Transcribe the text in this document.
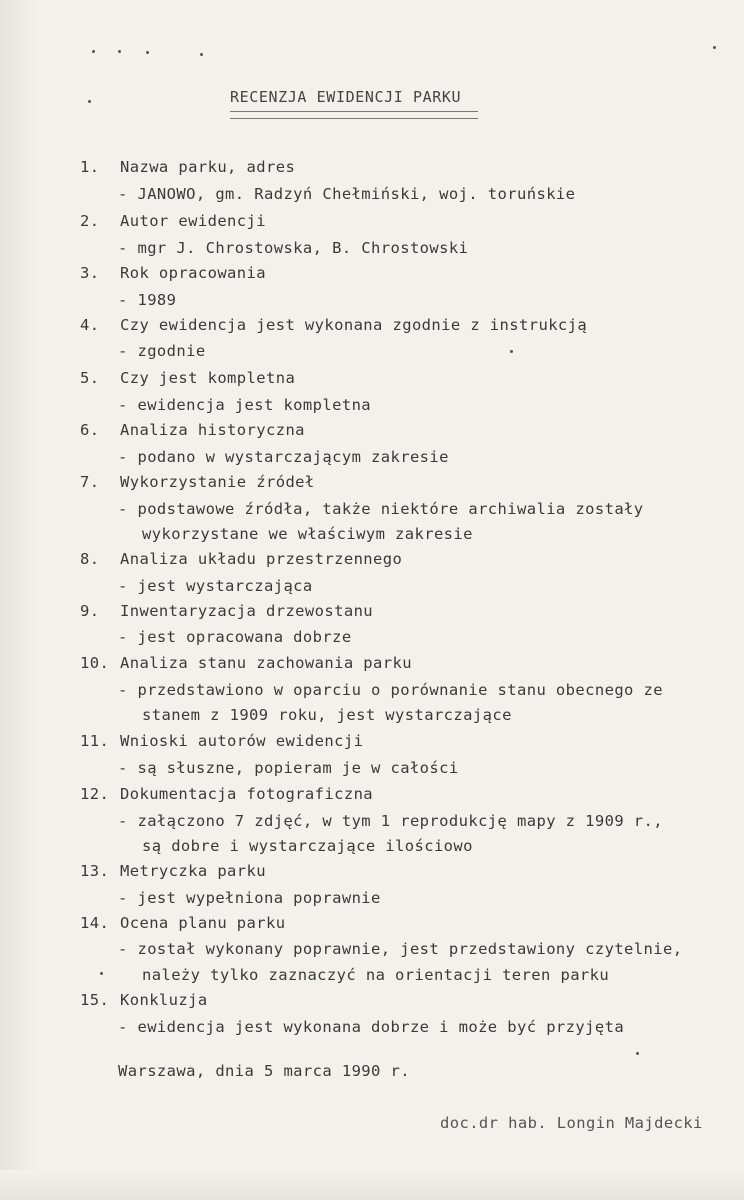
RECENZJA EWIDENCJI PARKU
1. Nazwa parku, adres
- JANOWO, gm. Radzyń Chełmiński, woj. toruńskie
2. Autor ewidencji
- mgr J. Chrostowska, B. Chrostowski
3. Rok opracowania
- 1989
4. Czy ewidencja jest wykonana zgodnie z instrukcją
- zgodnie
5. Czy jest kompletna
- ewidencja jest kompletna
6. Analiza historyczna
- podano w wystarczającym zakresie
7. Wykorzystanie źródeł
- podstawowe źródła, także niektóre archiwalia zostały
wykorzystane we właściwym zakresie
8. Analiza układu przestrzennego
- jest wystarczająca
9. Inwentaryzacja drzewostanu
- jest opracowana dobrze
10. Analiza stanu zachowania parku
- przedstawiono w oparciu o porównanie stanu obecnego ze
stanem z 1909 roku, jest wystarczające
11. Wnioski autorów ewidencji
- są słuszne, popieram je w całości
12. Dokumentacja fotograficzna
- załączono 7 zdjęć, w tym 1 reprodukcję mapy z 1909 r.,
są dobre i wystarczające ilościowo
13. Metryczka parku
- jest wypełniona poprawnie
14. Ocena planu parku
- został wykonany poprawnie, jest przedstawiony czytelnie,
należy tylko zaznaczyć na orientacji teren parku
15. Konkluzja
- ewidencja jest wykonana dobrze i może być przyjęta
Warszawa, dnia 5 marca 1990 r.
doc.dr hab. Longin Majdecki
